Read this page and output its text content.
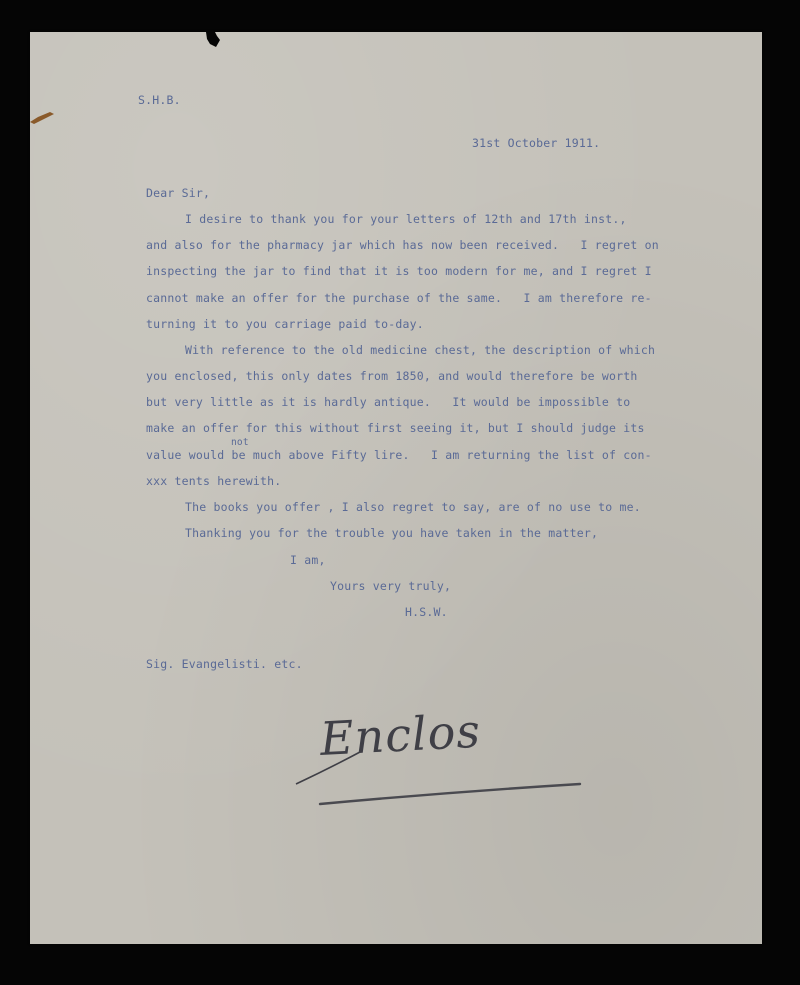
S.H.B.
31st October 1911.
Dear Sir,
I desire to thank you for your letters of 12th and 17th inst.,
and also for the pharmacy jar which has now been received.   I regret on
inspecting the jar to find that it is too modern for me, and I regret I
cannot make an offer for the purchase of the same.   I am therefore re-
turning it to you carriage paid to-day.
With reference to the old medicine chest, the description of which
you enclosed, this only dates from 1850, and would therefore be worth
but very little as it is hardly antique.   It would be impossible to
make an offer for this without first seeing it, but I should judge its
not
value would be much above Fifty lire.   I am returning the list of con-
xxx tents herewith.
The books you offer , I also regret to say, are of no use to me.
Thanking you for the trouble you have taken in the matter,
I am,
Yours very truly,
H.S.W.
Sig. Evangelisti. etc.
Enclos
